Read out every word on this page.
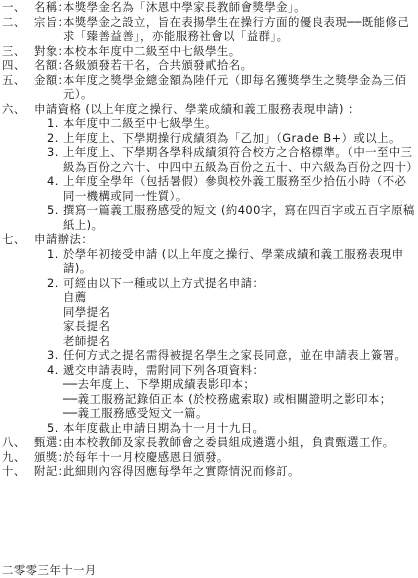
一、 名稱：
本獎學金名為「沐恩中學家長教師會獎學金」。
二、 宗旨：
本獎學金之設立，旨在表揚學生在操行方面的優良表現──既能修己求「臻善益善」，亦能服務社會以「益群」。
三、 對象：
本校本年度中二級至中七級學生。
四、 名額：
各級頒發若干名，合共頒發貳拾名。
五、 金額：
本年度之獎學金總金額為陸仟元（即每名獲獎學生之獎學金為三佰元）。
六、 申請資格 (以上年度之操行、學業成績和義工服務表現申請) ：
1. 本年度中二級至中七級學生。
2. 上年度上、下學期操行成績須為「乙加」（Grade B+）或以上。
3. 上年度上、下學期各學科成績須符合校方之合格標準。（中一至中三級為百份之六十、中四中五級為百份之五十、中六級為百份之四十）
4. 上年度全學年（包括暑假）參與校外義工服務至少拾伍小時（不必同一機構或同一性質）。
5. 撰寫一篇義工服務感受的短文 (約400字，寫在四百字或五百字原稿紙上)。
七、 申請辦法：
1. 於學年初接受申請 (以上年度之操行、學業成績和義工服務表現申請)。
2. 可經由以下一種或以上方式提名申請：
自薦
同學提名
家長提名
老師提名
3. 任何方式之提名需得被提名學生之家長同意，並在申請表上簽署。
4. 遞交申請表時，需附同下列各項資料：
──去年度上、下學期成績表影印本；
──義工服務記錄佰正本 (於校務處索取) 或相關證明之影印本；
──義工服務感受短文一篇。
5. 本年度截止申請日期為十一月十九日。
八、 甄選：
由本校教師及家長教師會之委員組成遴選小組，負責甄選工作。
九、 頒獎：
於每年十一月校慶感恩日頒發。
十、 附記：
此細則內容得因應每學年之實際情況而修訂。
二零零三年十一月
